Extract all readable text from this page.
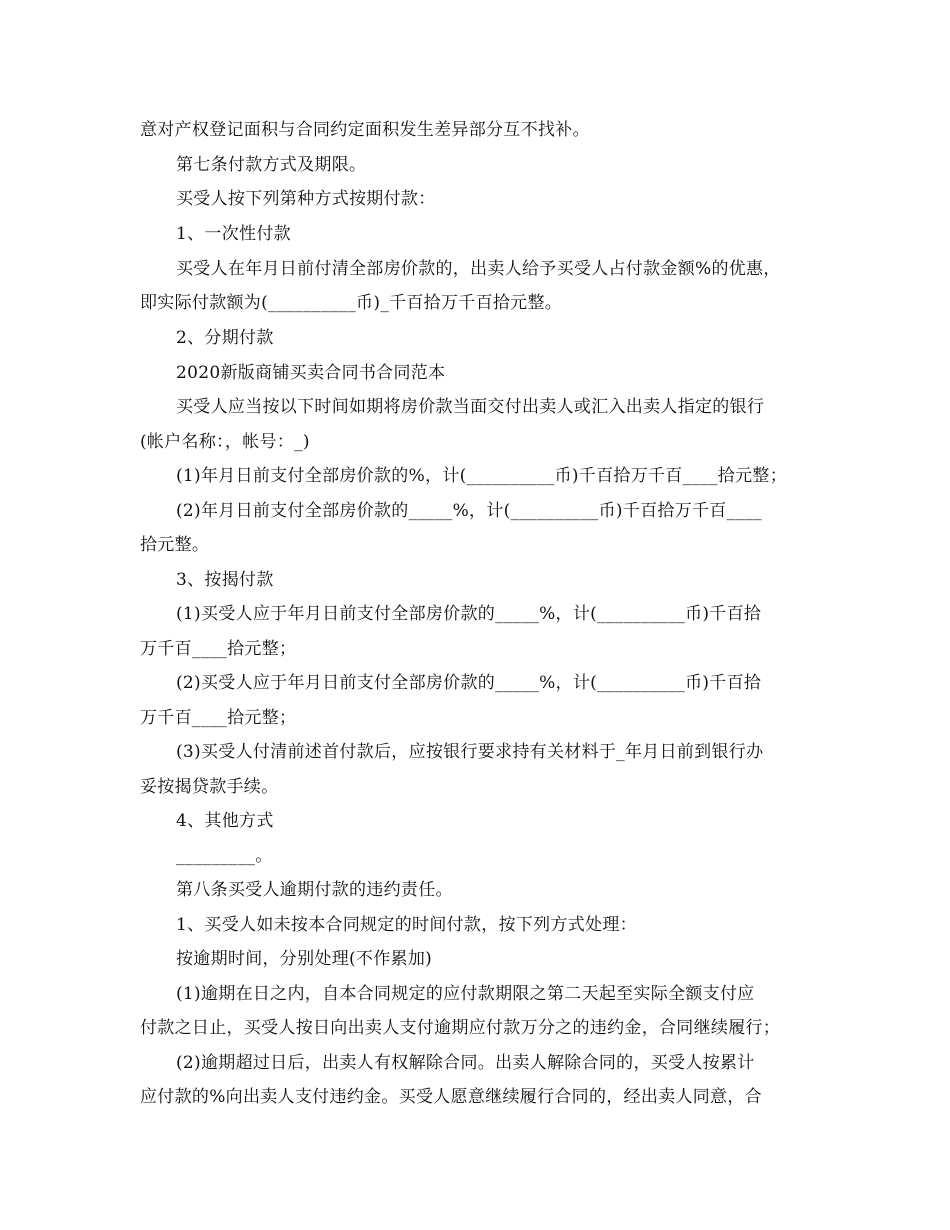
意对产权登记面积与合同约定面积发生差异部分互不找补。
第七条付款方式及期限。
买受人按下列第种方式按期付款：
1、一次性付款
买受人在年月日前付清全部房价款的，出卖人给予买受人占付款金额%的优惠，
即实际付款额为(__________币)_千百拾万千百拾元整。
2、分期付款
2020新版商铺买卖合同书合同范本
买受人应当按以下时间如期将房价款当面交付出卖人或汇入出卖人指定的银行
(帐户名称：，帐号：_)
(1)年月日前支付全部房价款的%，计(__________币)千百拾万千百____拾元整；
(2)年月日前支付全部房价款的_____%，计(__________币)千百拾万千百____
拾元整。
3、按揭付款
(1)买受人应于年月日前支付全部房价款的_____%，计(__________币)千百拾
万千百____拾元整；
(2)买受人应于年月日前支付全部房价款的_____%，计(__________币)千百拾
万千百____拾元整；
(3)买受人付清前述首付款后，应按银行要求持有关材料于_年月日前到银行办
妥按揭贷款手续。
4、其他方式
_________。
第八条买受人逾期付款的违约责任。
1、买受人如未按本合同规定的时间付款，按下列方式处理：
按逾期时间，分别处理(不作累加)
(1)逾期在日之内，自本合同规定的应付款期限之第二天起至实际全额支付应
付款之日止，买受人按日向出卖人支付逾期应付款万分之的违约金，合同继续履行；
(2)逾期超过日后，出卖人有权解除合同。出卖人解除合同的，买受人按累计
应付款的%向出卖人支付违约金。买受人愿意继续履行合同的，经出卖人同意，合
